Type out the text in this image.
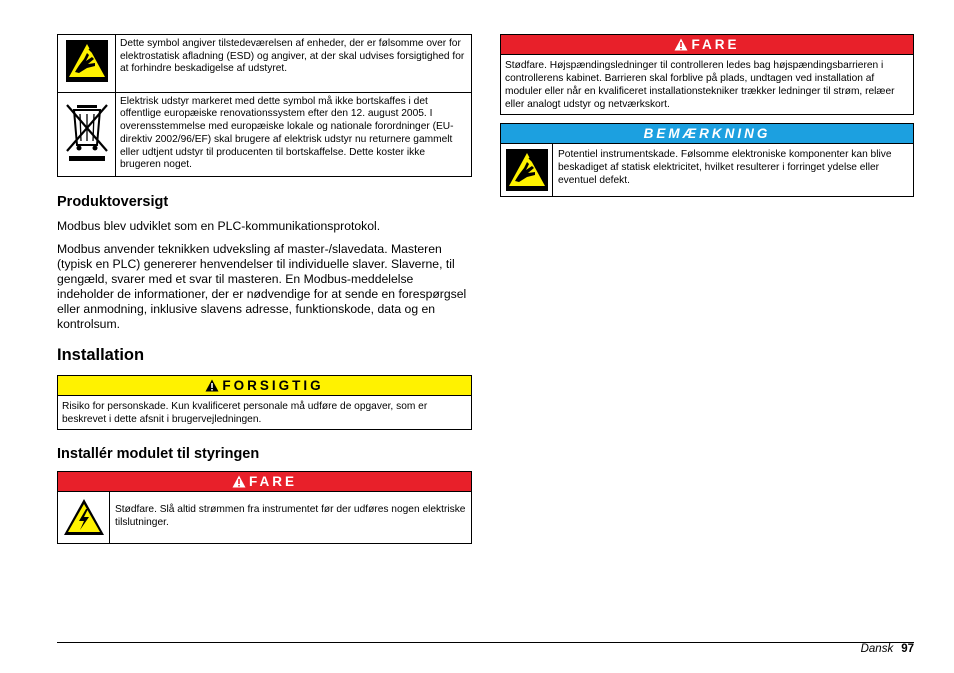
	Dette symbol angiver tilstedeværelsen af enheder, der er følsomme over for elektrostatisk afladning (ESD) og angiver, at der skal udvises forsigtighed for at forhindre beskadigelse af udstyret.
	Elektrisk udstyr markeret med dette symbol må ikke bortskaffes i det offentlige europæiske renovationssystem efter den 12. august 2005. I overensstemmelse med europæiske lokale og nationale forordninger (EU-direktiv 2002/96/EF) skal brugere af elektrisk udstyr nu returnere gammelt eller udtjent udstyr til producenten til bortskaffelse. Dette koster ikke brugeren noget.
Produktoversigt

Modbus blev udviklet som en PLC-kommunikationsprotokol.

Modbus anvender teknikken udveksling af master-/slavedata. Masteren (typisk en PLC) genererer henvendelser til individuelle slaver. Slaverne, til gengæld, svarer med et svar til masteren. En Modbus-meddelelse indeholder de informationer, der er nødvendige for at sende en forespørgsel eller anmodning, inklusive slavens adresse, funktionskode, data og en kontrolsum.

Installation
FORSIGTIG
Risiko for personskade. Kun kvalificeret personale må udføre de opgaver, som er beskrevet i dette afsnit i brugervejledningen.
Installér modulet til styringen
FARE
Stødfare. Slå altid strømmen fra instrumentet før der udføres nogen elektriske tilslutninger.
FARE
Stødfare. Højspændingsledninger til controlleren ledes bag højspændingsbarrieren i controllerens kabinet. Barrieren skal forblive på plads, undtagen ved installation af moduler eller når en kvalificeret installationstekniker trækker ledninger til strøm, relæer eller analogt udstyr og netværkskort.
BEMÆRKNING
Potentiel instrumentskade. Følsomme elektroniske komponenter kan blive beskadiget af statisk elektricitet, hvilket resulterer i forringet ydelse eller eventuel defekt.
Dansk 97
